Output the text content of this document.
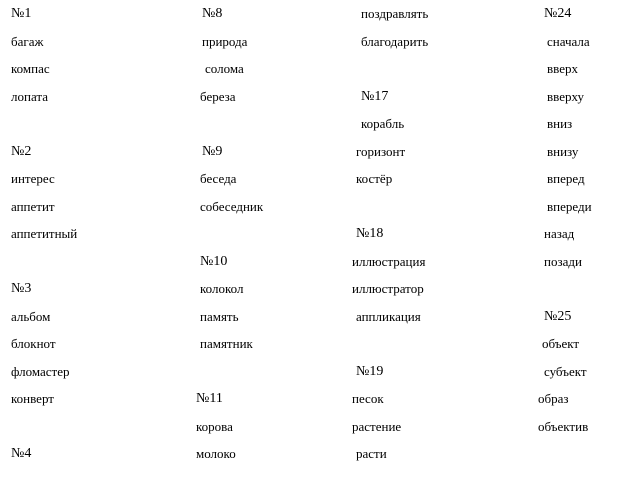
№1
багаж
компас
лопата
№2
интерес
аппетит
аппетитный
№3
альбом
блокнот
фломастер
конверт
№4
№8
природа
солома
береза
№9
беседа
собеседник
№10
колокол
память
памятник
№11
корова
молоко
поздравлять
благодарить
№17
корабль
горизонт
костёр
№18
иллюстрация
иллюстратор
аппликация
№19
песок
растение
расти
№24
сначала
вверх
вверху
вниз
внизу
вперед
впереди
назад
позади
№25
объект
субъект
образ
объектив
